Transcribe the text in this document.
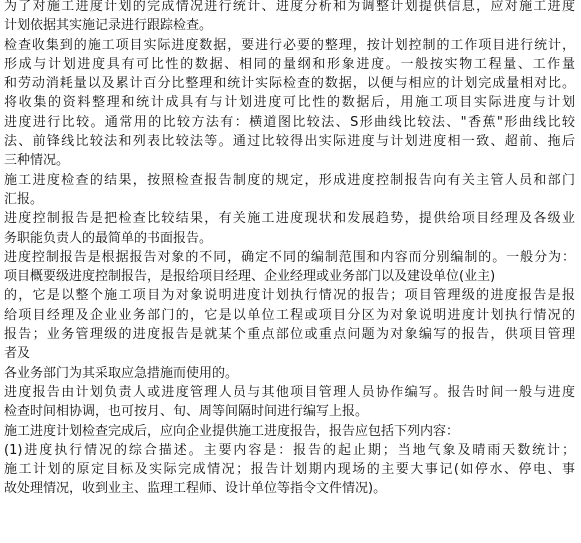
为了对施工进度计划的完成情况进行统计、进度分析和为调整计划提供信息，应对施工进度
计划依据其实施记录进行跟踪检查。
检查收集到的施工项目实际进度数据，要进行必要的整理，按计划控制的工作项目进行统计，
形成与计划进度具有可比性的数据、相同的量纲和形象进度。一般按实物工程量、工作量
和劳动消耗量以及累计百分比整理和统计实际检查的数据，以便与相应的计划完成量相对比。
将收集的资料整理和统计成具有与计划进度可比性的数据后，用施工项目实际进度与计划
进度进行比较。通常用的比较方法有：横道图比较法、S形曲线比较法、"香蕉"形曲线比较
法、前锋线比较法和列表比较法等。通过比较得出实际进度与计划进度相一致、超前、拖后
三种情况。
施工进度检查的结果，按照检查报告制度的规定，形成进度控制报告向有关主管人员和部门
汇报。
进度控制报告是把检查比较结果，有关施工进度现状和发展趋势，提供给项目经理及各级业
务职能负责人的最简单的书面报告。
进度控制报告是根据报告对象的不同，确定不同的编制范围和内容而分别编制的。一般分为：
项目概要级进度控制报告，是报给项目经理、企业经理或业务部门以及建设单位(业主)
的，它是以整个施工项目为对象说明进度计划执行情况的报告；项目管理级的进度报告是报
给项目经理及企业业务部门的，它是以单位工程或项目分区为对象说明进度计划执行情况的
报告；业务管理级的进度报告是就某个重点部位或重点问题为对象编写的报告，供项目管理
者及
各业务部门为其采取应急措施而使用的。
进度报告由计划负责人或进度管理人员与其他项目管理人员协作编写。报告时间一般与进度
检查时间相协调，也可按月、旬、周等间隔时间进行编写上报。
施工进度计划检查完成后，应向企业提供施工进度报告，报告应包括下列内容：
(1)进度执行情况的综合描述。主要内容是：报告的起止期；当地气象及晴雨天数统计；
施工计划的原定目标及实际完成情况；报告计划期内现场的主要大事记(如停水、停电、事
故处理情况，收到业主、监理工程师、设计单位等指令文件情况)。
